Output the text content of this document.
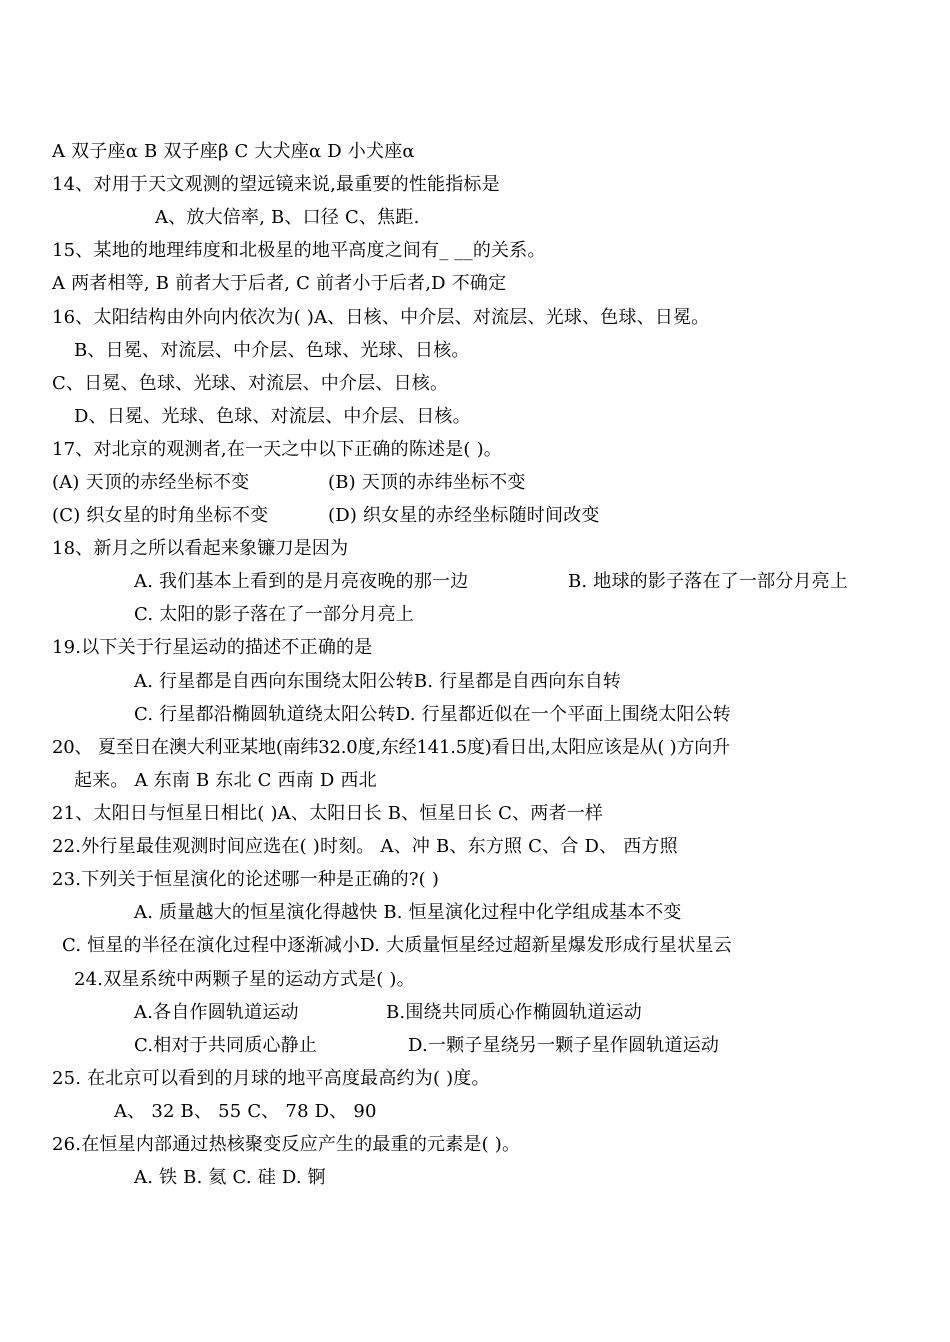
A 双子座α B 双子座β C 大犬座α D 小犬座α
14、对用于天文观测的望远镜来说,最重要的性能指标是
A、放大倍率, B、口径 C、焦距.
15、某地的地理纬度和北极星的地平高度之间有_ __的关系。
A 两者相等, B 前者大于后者, C 前者小于后者,D 不确定
16、太阳结构由外向内依次为( )A、日核、中介层、对流层、光球、色球、日冕。
B、日冕、对流层、中介层、色球、光球、日核。
C、日冕、色球、光球、对流层、中介层、日核。
D、日冕、光球、色球、对流层、中介层、日核。
17、对北京的观测者,在一天之中以下正确的陈述是( )。
(A) 天顶的赤经坐标不变	(B) 天顶的赤纬坐标不变
(C) 织女星的时角坐标不变	(D) 织女星的赤经坐标随时间改变
18、新月之所以看起来象镰刀是因为
A. 我们基本上看到的是月亮夜晚的那一边	B. 地球的影子落在了一部分月亮上
C. 太阳的影子落在了一部分月亮上
19.以下关于行星运动的描述不正确的是
A. 行星都是自西向东围绕太阳公转B. 行星都是自西向东自转
C. 行星都沿椭圆轨道绕太阳公转D. 行星都近似在一个平面上围绕太阳公转
20、 夏至日在澳大利亚某地(南纬32.0度,东经141.5度)看日出,太阳应该是从( )方向升
起来。 A 东南 B 东北 C 西南 D 西北
21、太阳日与恒星日相比( )A、太阳日长 B、恒星日长 C、两者一样
22.外行星最佳观测时间应选在( )时刻。 A、冲 B、东方照 C、合 D、 西方照
23.下列关于恒星演化的论述哪一种是正确的?( )
A. 质量越大的恒星演化得越快 B. 恒星演化过程中化学组成基本不变
C. 恒星的半径在演化过程中逐渐减小D. 大质量恒星经过超新星爆发形成行星状星云
24.双星系统中两颗子星的运动方式是( )。
A.各自作圆轨道运动	B.围绕共同质心作椭圆轨道运动
C.相对于共同质心静止	D.一颗子星绕另一颗子星作圆轨道运动
25. 在北京可以看到的月球的地平高度最高约为( )度。
A、 32 B、 55 C、 78 D、 90
26.在恒星内部通过热核聚变反应产生的最重的元素是( )。
A. 铁 B. 氦 C. 硅 D. 锕
